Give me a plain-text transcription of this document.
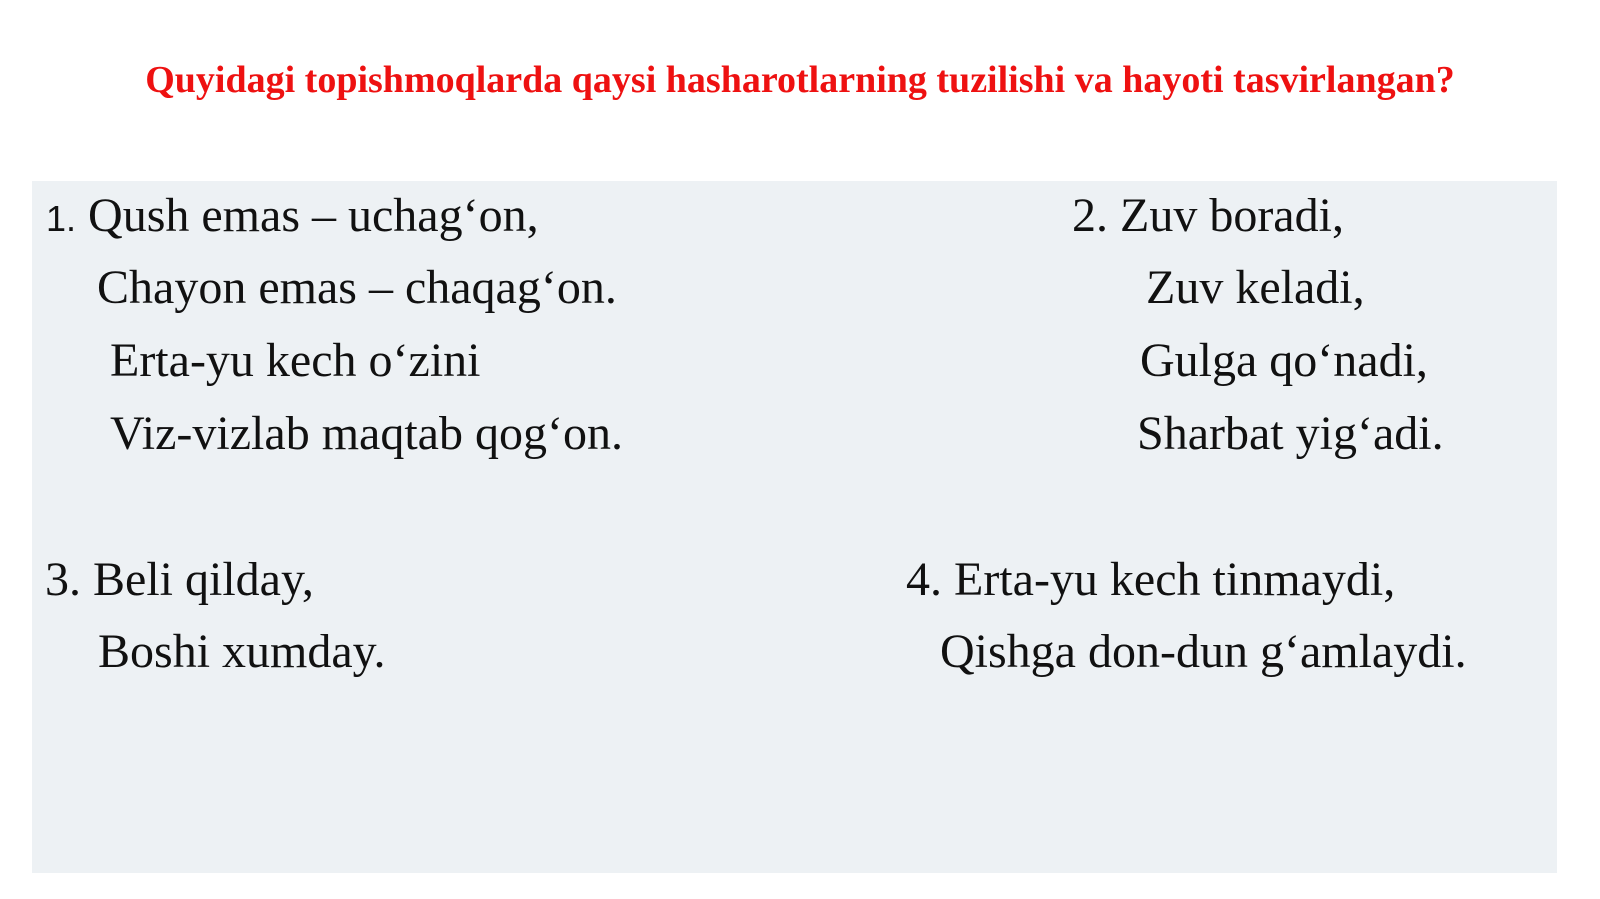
Quyidagi topishmoqlarda qaysi hasharotlarning tuzilishi va hayoti tasvirlangan?
1. Qush emas – uchag‘on,
Chayon emas – chaqag‘on.
Erta-yu kech o‘zini
Viz-vizlab maqtab qog‘on.
2. Zuv boradi,
Zuv keladi,
Gulga qo‘nadi,
Sharbat yig‘adi.
3. Beli qilday,
Boshi xumday.
4. Erta-yu kech tinmaydi,
Qishga don-dun g‘amlaydi.
